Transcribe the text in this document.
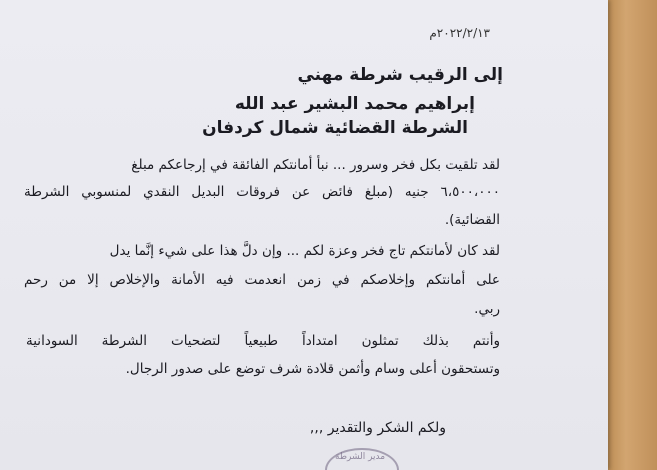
٢٠٢٢/٢/١٣م
إلى الرقيب شرطة مهني
إبراهيم محمد البشير عبد الله
الشرطة القضائية شمال كردفان
لقد تلقيت بكل فخر وسرور ... نبأ أمانتكم الفائقة في إرجاعكم مبلغ
٦،٥٠٠،٠٠٠ جنيه (مبلغ فائض عن فروقات البديل النقدي لمنسوبي الشرطة
القضائية).
لقد كان لأمانتكم تاج فخر وعزة لكم ... وإن دلَّ هذا على شيء إنَّما يدل
على أمانتكم وإخلاصكم في زمن انعدمت فيه الأمانة والإخلاص إلا من رحم
ربي.
وأنتم بذلك تمثلون امتداداً طبيعياً لتضحيات الشرطة السودانية
وتستحقون أعلى وسام وأثمن قلادة شرف توضع على صدور الرجال.
ولكم الشكر والتقدير ,,,
مدير الشرطة
